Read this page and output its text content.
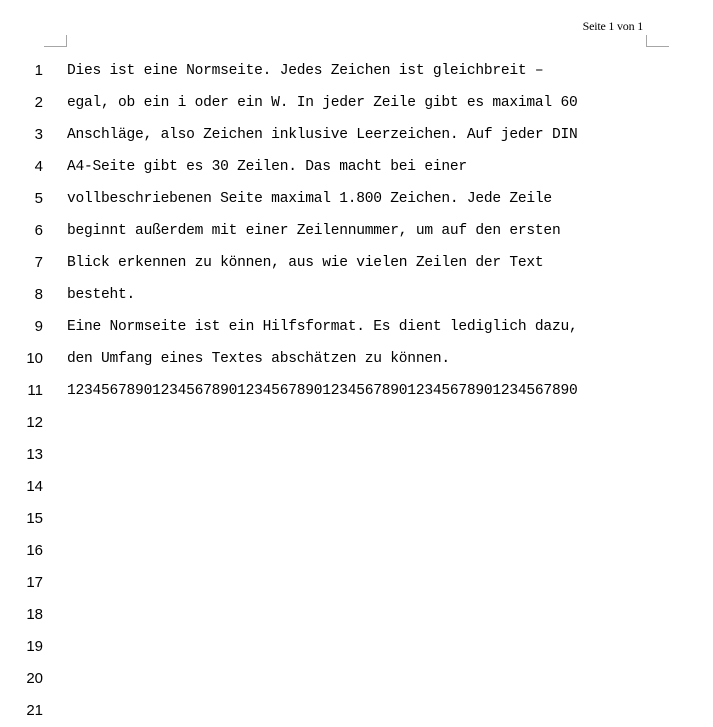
Seite 1 von 1
1 Dies ist eine Normseite. Jedes Zeichen ist gleichbreit –
2 egal, ob ein i oder ein W. In jeder Zeile gibt es maximal 60
3 Anschläge, also Zeichen inklusive Leerzeichen. Auf jeder DIN
4 A4-Seite gibt es 30 Zeilen. Das macht bei einer
5 vollbeschriebenen Seite maximal 1.800 Zeichen. Jede Zeile
6 beginnt außerdem mit einer Zeilennummer, um auf den ersten
7 Blick erkennen zu können, aus wie vielen Zeilen der Text
8 besteht.
9 Eine Normseite ist ein Hilfsformat. Es dient lediglich dazu,
10 den Umfang eines Textes abschätzen zu können.
11 123456789012345678901234567890123456789012345678901234567890
12
13
14
15
16
17
18
19
20
21
